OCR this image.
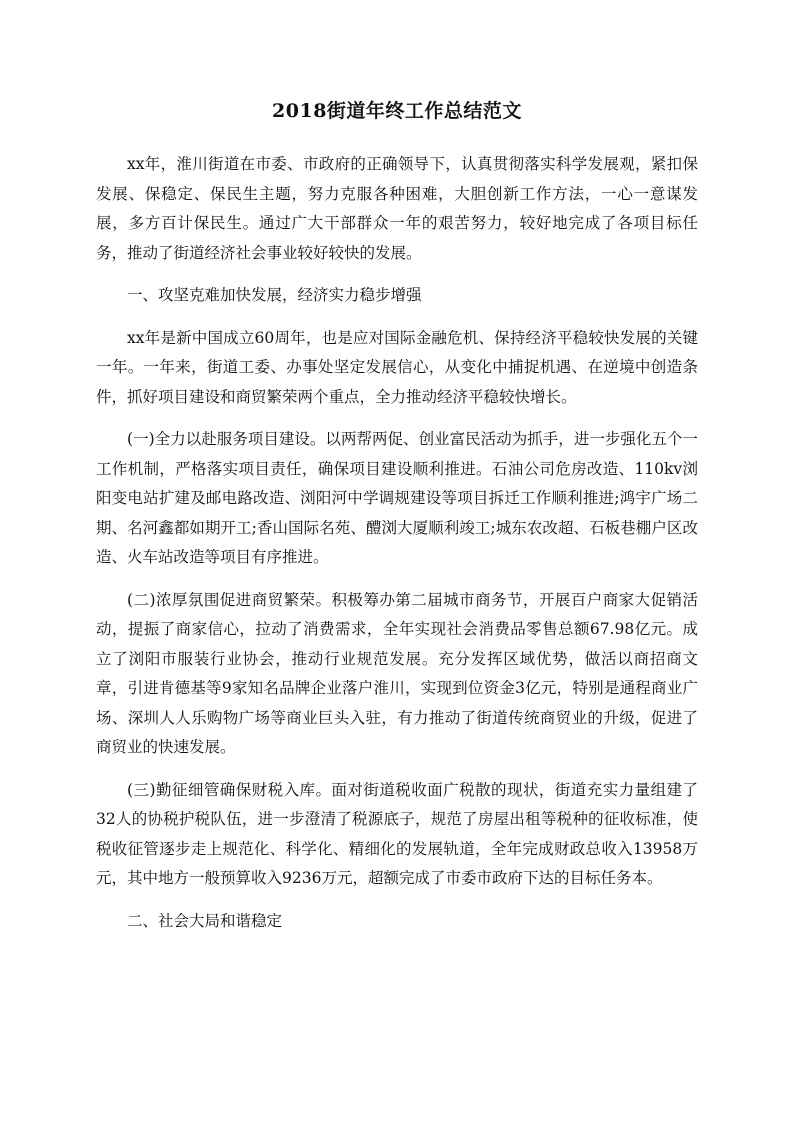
2018街道年终工作总结范文

xx年，淮川街道在市委、市政府的正确领导下，认真贯彻落实科学发展观，紧扣保发展、保稳定、保民生主题，努力克服各种困难，大胆创新工作方法，一心一意谋发展，多方百计保民生。通过广大干部群众一年的艰苦努力，较好地完成了各项目标任务，推动了街道经济社会事业较好较快的发展。

一、攻坚克难加快发展，经济实力稳步增强

xx年是新中国成立60周年，也是应对国际金融危机、保持经济平稳较快发展的关键一年。一年来，街道工委、办事处坚定发展信心，从变化中捕捉机遇、在逆境中创造条件，抓好项目建设和商贸繁荣两个重点，全力推动经济平稳较快增长。

(一)全力以赴服务项目建设。以两帮两促、创业富民活动为抓手，进一步强化五个一工作机制，严格落实项目责任，确保项目建设顺利推进。石油公司危房改造、110kv浏阳变电站扩建及邮电路改造、浏阳河中学调规建设等项目拆迁工作顺利推进;鸿宇广场二期、名河鑫都如期开工;香山国际名苑、醴浏大厦顺利竣工;城东农改超、石板巷棚户区改造、火车站改造等项目有序推进。

(二)浓厚氛围促进商贸繁荣。积极筹办第二届城市商务节，开展百户商家大促销活动，提振了商家信心，拉动了消费需求，全年实现社会消费品零售总额67.98亿元。成立了浏阳市服装行业协会，推动行业规范发展。充分发挥区域优势，做活以商招商文章，引进肯德基等9家知名品牌企业落户淮川，实现到位资金3亿元，特别是通程商业广场、深圳人人乐购物广场等商业巨头入驻，有力推动了街道传统商贸业的升级，促进了商贸业的快速发展。

(三)勤征细管确保财税入库。面对街道税收面广税散的现状，街道充实力量组建了32人的协税护税队伍，进一步澄清了税源底子，规范了房屋出租等税种的征收标准，使税收征管逐步走上规范化、科学化、精细化的发展轨道，全年完成财政总收入13958万元，其中地方一般预算收入9236万元，超额完成了市委市政府下达的目标任务本。

二、社会大局和谐稳定
